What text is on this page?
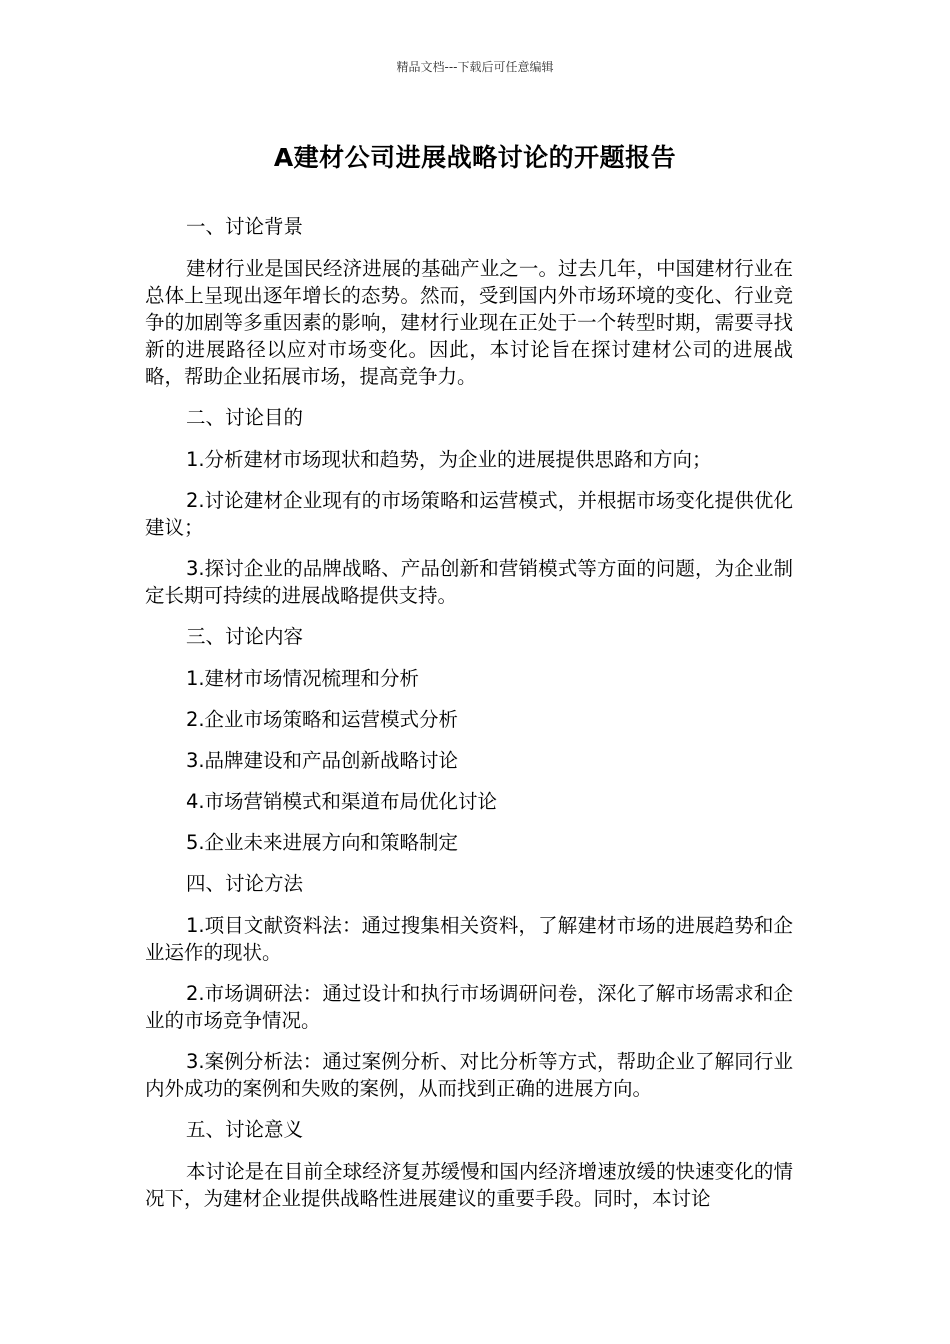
精品文档---下载后可任意编辑
A建材公司进展战略讨论的开题报告

一、讨论背景

建材行业是国民经济进展的基础产业之一。过去几年，中国建材行业在总体上呈现出逐年增长的态势。然而，受到国内外市场环境的变化、行业竞争的加剧等多重因素的影响，建材行业现在正处于一个转型时期，需要寻找新的进展路径以应对市场变化。因此，本讨论旨在探讨建材公司的进展战略，帮助企业拓展市场，提高竞争力。

二、讨论目的

1.分析建材市场现状和趋势，为企业的进展提供思路和方向；

2.讨论建材企业现有的市场策略和运营模式，并根据市场变化提供优化建议；

3.探讨企业的品牌战略、产品创新和营销模式等方面的问题，为企业制定长期可持续的进展战略提供支持。

三、讨论内容

1.建材市场情况梳理和分析

2.企业市场策略和运营模式分析

3.品牌建设和产品创新战略讨论

4.市场营销模式和渠道布局优化讨论

5.企业未来进展方向和策略制定

四、讨论方法

1.项目文献资料法：通过搜集相关资料，了解建材市场的进展趋势和企业运作的现状。

2.市场调研法：通过设计和执行市场调研问卷，深化了解市场需求和企业的市场竞争情况。

3.案例分析法：通过案例分析、对比分析等方式，帮助企业了解同行业内外成功的案例和失败的案例，从而找到正确的进展方向。

五、讨论意义

本讨论是在目前全球经济复苏缓慢和国内经济增速放缓的快速变化的情况下，为建材企业提供战略性进展建议的重要手段。同时，本讨论
